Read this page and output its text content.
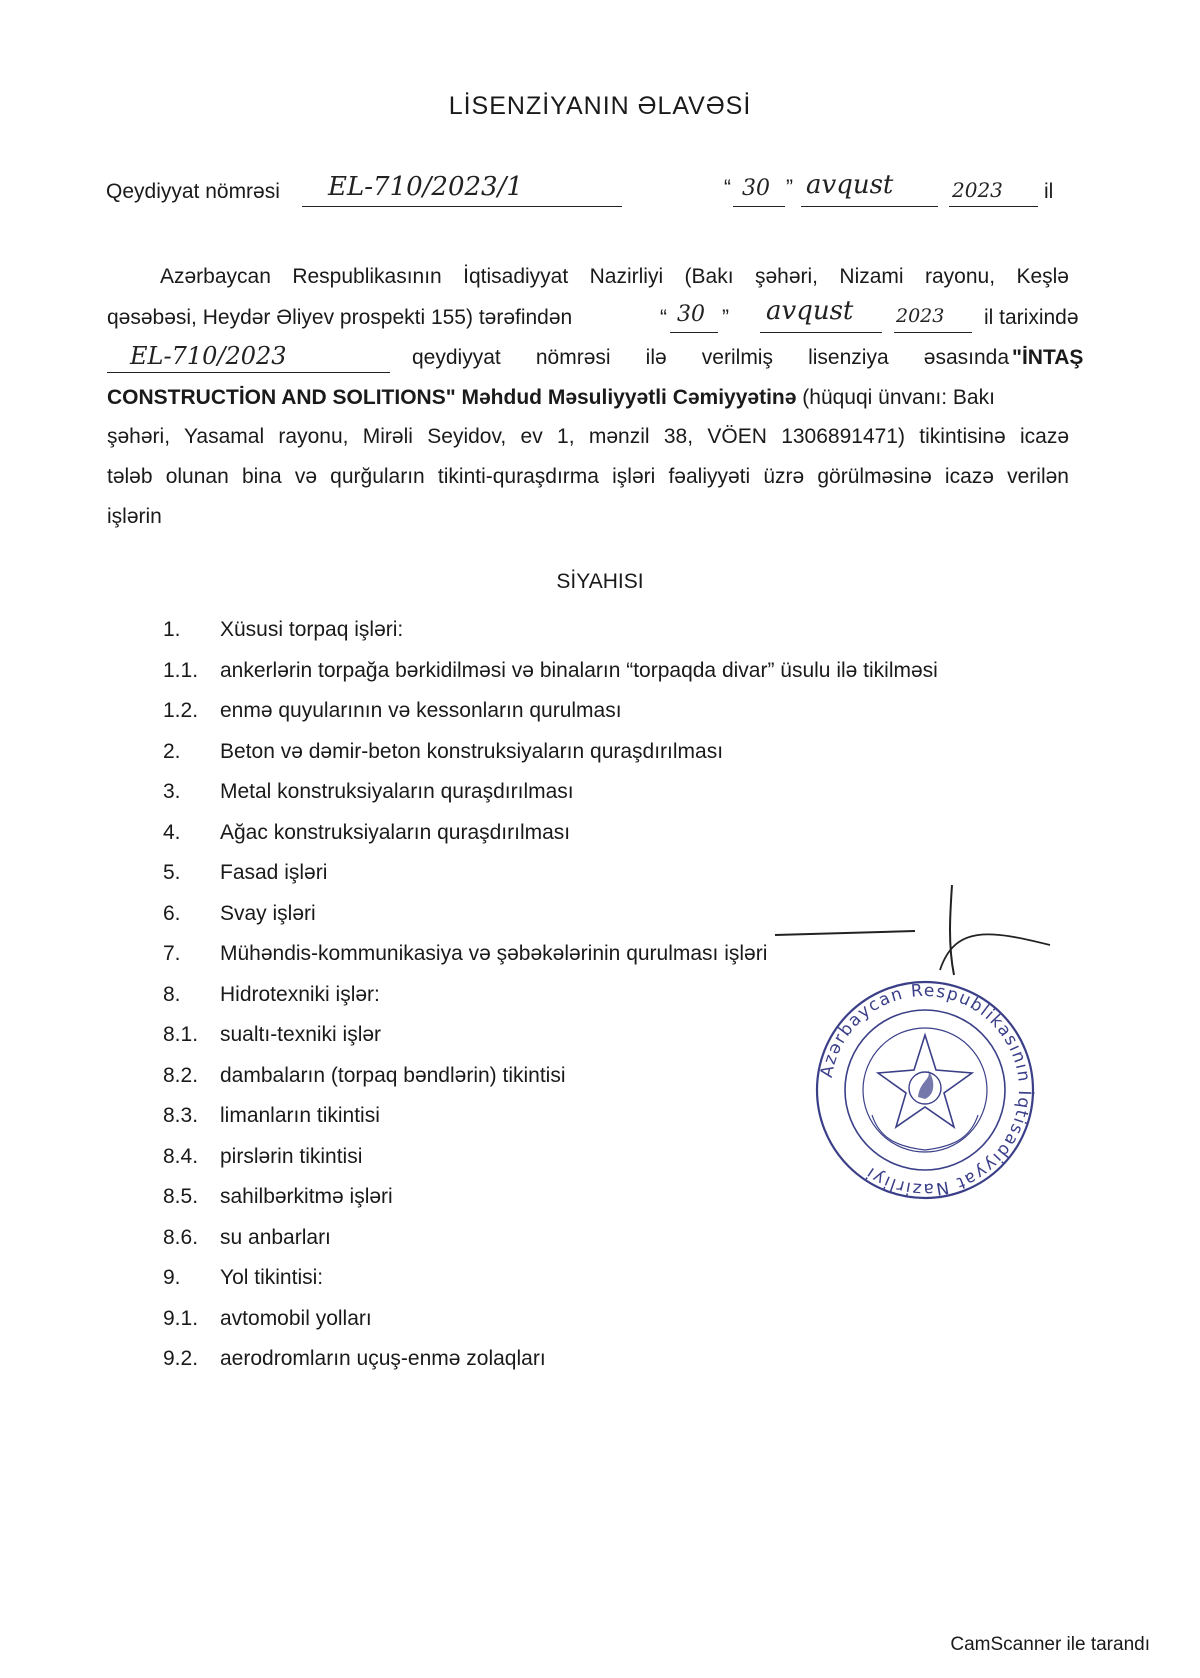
LİSENZİYANIN ƏLAVƏSİ
Qeydiyyat nömrəsi EL-710/2023/1	“ 30 ” avqust	2023 il
Azərbaycan Respublikasının İqtisadiyyat Nazirliyi (Bakı şəhəri, Nizami rayonu, Keşlə
qəsəbəsi, Heydər Əliyev prospekti 155) tərəfindən	“ 30 ” avqust 2023 il tarixində
EL-710/2023	qeydiyyat nömrəsi ilə verilmiş lisenziya əsasında "İNTAŞ
CONSTRUCTİON AND SOLITIONS" Məhdud Məsuliyyətli Cəmiyyətinə (hüquqi ünvanı: Bakı
şəhəri, Yasamal rayonu, Mirəli Seyidov, ev 1, mənzil 38, VÖEN 1306891471) tikintisinə icazə
tələb olunan bina və qurğuların tikinti-quraşdırma işləri fəaliyyəti üzrə görülməsinə icazə verilən
işlərin
SİYAHISI
1.	Xüsusi torpaq işləri:
1.1.	ankerlərin torpağa bərkidilməsi və binaların “torpaqda divar” üsulu ilə tikilməsi
1.2.	enmə quyularının və kessonların qurulması
2.	Beton və dəmir-beton konstruksiyaların quraşdırılması
3.	Metal konstruksiyaların quraşdırılması
4.	Ağac konstruksiyaların quraşdırılması
5.	Fasad işləri
6.	Svay işləri
7.	Mühəndis-kommunikasiya və şəbəkələrinin qurulması işləri
8.	Hidrotexniki işlər:
8.1.	sualtı-texniki işlər
8.2.	dambaların (torpaq bəndlərin) tikintisi
8.3.	limanların tikintisi
8.4.	pirslərin tikintisi
8.5.	sahilbərkitmə işləri
8.6.	su anbarları
9.	Yol tikintisi:
9.1.	avtomobil yolları
9.2.	aerodromların uçuş-enmə zolaqları
Azərbaycan Respublikasının İqtisadiyyat Nazirliyi
CamScanner ile tarandı
